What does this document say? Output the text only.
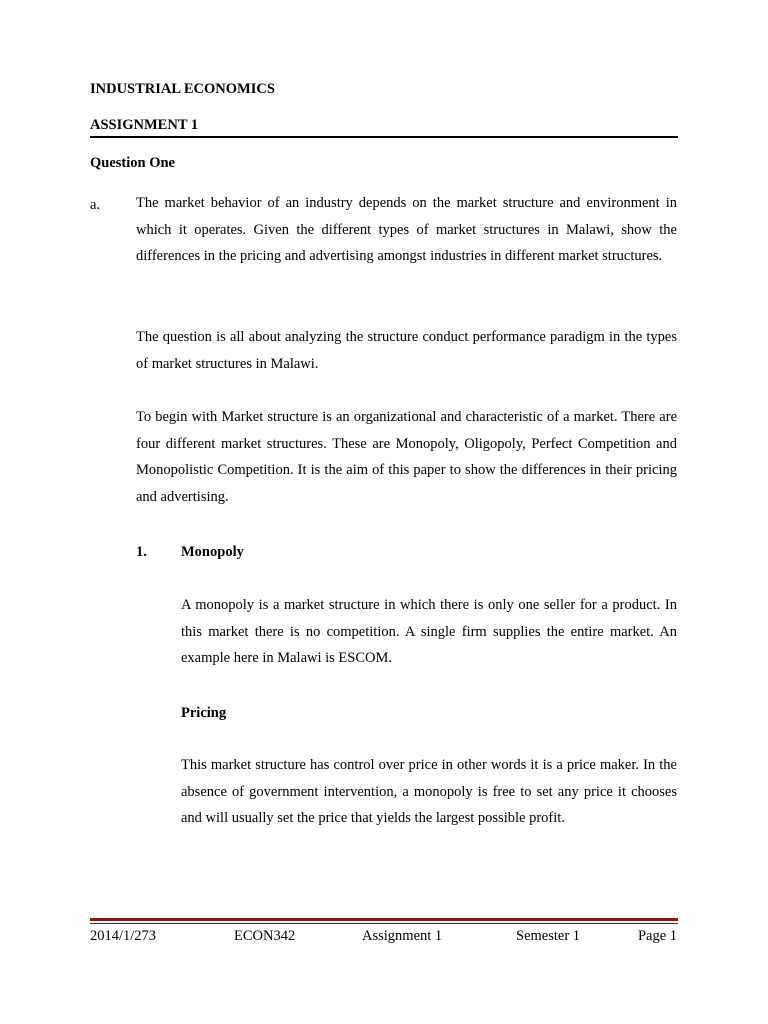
INDUSTRIAL ECONOMICS
ASSIGNMENT 1
Question One
a. The market behavior of an industry depends on the market structure and environment in which it operates. Given the different types of market structures in Malawi, show the differences in the pricing and advertising amongst industries in different market structures.

The question is all about analyzing the structure conduct performance paradigm in the types of market structures in Malawi.

To begin with Market structure is an organizational and characteristic of a market. There are four different market structures. These are Monopoly, Oligopoly, Perfect Competition and Monopolistic Competition. It is the aim of this paper to show the differences in their pricing and advertising.

1. Monopoly

A monopoly is a market structure in which there is only one seller for a product. In this market there is no competition. A single firm supplies the entire market. An example here in Malawi is ESCOM.

Pricing

This market structure has control over price in other words it is a price maker. In the absence of government intervention, a monopoly is free to set any price it chooses and will usually set the price that yields the largest possible profit.

2014/1/273	ECON342	Assignment 1	Semester 1	Page 1
